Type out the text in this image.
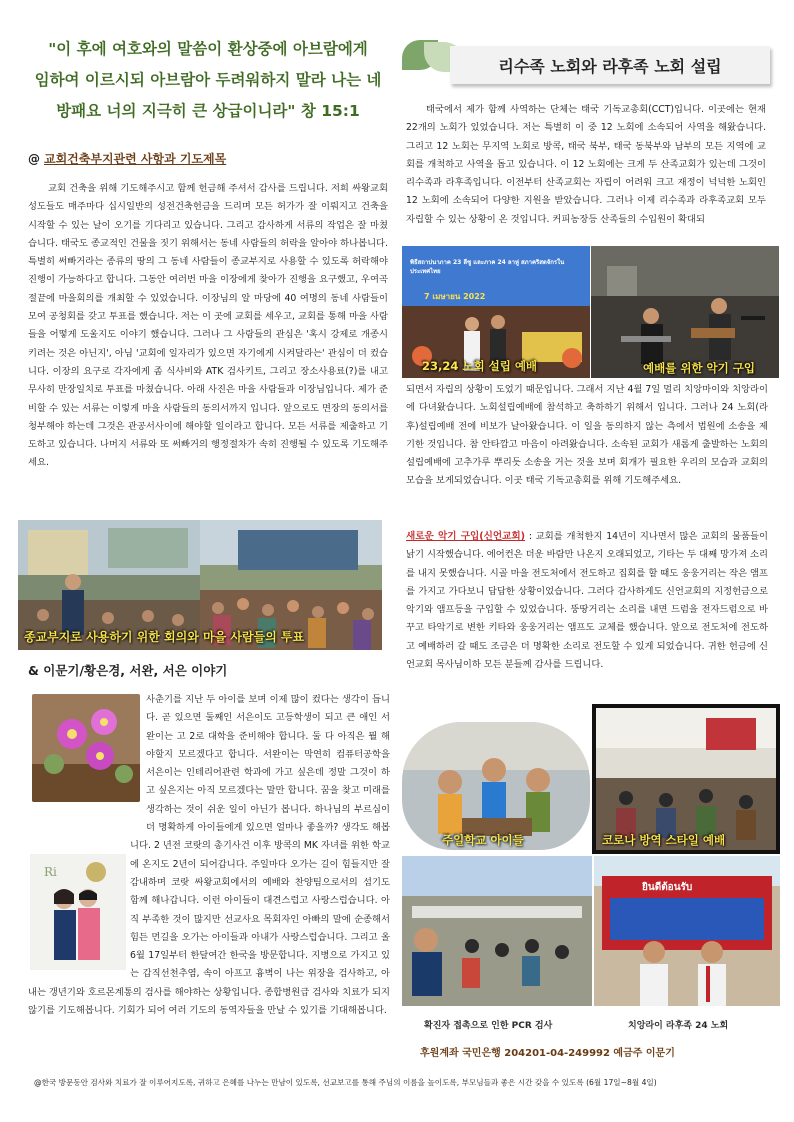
"이 후에 여호와의 말씀이 환상중에 아브람에게
임하여 이르시되 아브람아 두려워하지 말라 나는 네
방패요 너의 지극히 큰 상급이니라" 창 15:1
@ 교회건축부지관련 사항과 기도제목

교회 건축을 위해 기도해주시고 함께 헌금해 주셔서 감사를 드립니다. 저희 싸왕교회 성도들도 매주마다 십시일반의 성전건축헌금을 드리며 모든 허가가 잘 이뤄지고 건축을 시작할 수 있는 날이 오기를 기다리고 있습니다. 그리고 감사하게 서류의 작업은 잘 마쳤습니다. 태국도 종교적인 건물을 짓기 위해서는 동네 사람들의 허락을 알아야 하나봅니다. 특별히 써빠거라는 종류의 땅의 그 동네 사람들이 종교부지로 사용할 수 있도록 허락해야 진행이 가능하다고 합니다. 그동안 여러번 마을 이장에게 찾아가 진행을 요구했고, 우여곡절끝에 마을회의를 개최할 수 있었습니다. 이장님의 알 마당에 40 여명의 동네 사람들이 모여 공청회를 갖고 투표를 했습니다. 저는 이 곳에 교회를 세우고, 교회를 통해 마을 사람들을 어떻게 도울지도 이야기 했습니다. 그러나 그 사람들의 관심은 '혹시 강제로 개종시키려는 것은 아닌지', 아님 '교회에 일자리가 있으면 자기에게 시켜달라는' 관심이 더 컸습니다. 이장의 요구로 각자에게 좀 식사비와 ATK 검사키트, 그리고 장소사용료(?)를 내고 무사히 만장일치로 투표를 마쳤습니다. 아래 사진은 마을 사람들과 이장님입니다. 제가 준비할 수 있는 서류는 이렇게 마을 사람들의 동의서까지 입니다. 앞으로도 면장의 동의서를 청부해야 하는데 그것은 관공서사이에 해야할 일이라고 합니다. 모든 서류를 제출하고 기도하고 있습니다. 나머지 서류와 또 써빠거의 행정절차가 속히 진행될 수 있도록 기도해주세요.

종교부지로 사용하기 위한 회의와 마을 사람들의 투표
& 이문기/황은경, 서완, 서은 이야기
Ri

사춘기를 지난 두 아이를 보며 이제 많이 컸다는 생각이 듭니다. 곧 있으면 둘째인 서은이도 고등학생이 되고 큰 애인 서완이는 고 2로 대학을 준비해야 합니다. 둘 다 아직은 뭘 해야할지 모르겠다고 합니다. 서완이는 막연히 컴퓨터공학을 서은이는 인테리어관련 학과에 가고 싶은데 정말 그것이 하고 싶은지는 아직 모르겠다는 말만 합니다. 꿈을 찾고 미래를 생각하는 것이 쉬운 일이 아닌가 봅니다. 하나님의 부르심이 더 명확하게 아이들에게 있으면 얼마나 좋을까? 생각도 해봅니다. 2 년전 코랏의 총기사건 이후 방콕의 MK 자녀를 위한 학교에 온지도 2년이 되어갑니다. 주일마다 오가는 길이 힘들지만 잘 감내하며 코랏 싸왕교회에서의 예배와 찬양팀으로서의 섬기도 함께 해나갑니다. 이런 아이들이 대견스럽고 사랑스럽습니다. 아직 부족한 것이 많지만 선교사요 목회자인 아빠의 말에 순종해서 힘든 먼길을 오가는 아이들과 아내가 사랑스럽습니다. 그리고 올 6월 17일부터 한달여간 한국을 방문합니다. 지병으로 가지고 있는 갑직선천추염, 속이 아프고 흉벽이 나는 위장을 검사하고, 아내는 갱년기와 호르몬계통의 검사를 해야하는 상황입니다. 종합병원급 검사와 치료가 되지 않기를 기도해봅니다. 기회가 되어 여러 기도의 동역자들을 만날 수 있기를 기대해봅니다.

리수족 노회와 라후족 노회 설립

태국에서 제가 함께 사역하는 단체는 태국 기독교총회(CCT)입니다. 이곳에는 현재 22개의 노회가 있었습니다. 저는 특별히 이 중 12 노회에 소속되어 사역을 해왔습니다. 그리고 12 노회는 무지역 노회로 방콕, 태국 북부, 태국 동북부와 남부의 모든 지역에 교회를 개척하고 사역을 돕고 있습니다. 이 12 노회에는 크게 두 산족교회가 있는데 그것이 리수족과 라후족입니다. 이전부터 산족교회는 자립이 어려워 크고 재정이 넉넉한 노회인 12 노회에 소속되어 다양한 지원을 받았습니다. 그러나 이제 리수족과 라후족교회 모두 자립할 수 있는 상황이 온 것입니다. 커피농장등 산족들의 수입원이 확대되

พิธีสถาปนาภาค 23 ลีซู และภาค 24 ลาหู่ สภาคริสตจักรในประเทศไทย
7 เมษายน 2022
23,24 노회 설립 예배	예배를 위한 악기 구입

되면서 자립의 상황이 도었기 때문입니다. 그래서 지난 4월 7일 멀리 치앙마이와 치앙라이에 다녀왔습니다. 노회설립예배에 참석하고 축하하기 위해서 입니다. 그러나 24 노회(라후)설립예배 전에 비보가 날아왔습니다. 이 일을 동의하지 않는 측에서 법원에 소송을 제기한 것입니다. 참 안타깝고 마음이 아려왔습니다. 소속된 교회가 새롭게 출발하는 노회의 설립예배에 고추가루 뿌리듯 소송을 거는 것을 보며 회개가 필요한 우리의 모습과 교회의 모습을 보게되었습니다. 이곳 태국 기독교총회를 위해 기도해주세요.

새로운 악기 구입(신언교회) : 교회를 개척한지 14년이 지나면서 많은 교회의 물품들이 낡기 시작했습니다. 에어컨은 더운 바람만 나온지 오래되었고, 기타는 두 대째 망가져 소리를 내지 못했습니다. 시골 마을 전도처에서 전도하고 집회를 할 때도 웅웅거리는 작은 앰프를 가지고 가다보니 답답한 상황이었습니다. 그러다 감사하게도 신언교회의 지정헌금으로 악기와 앰프등을 구입할 수 있었습니다. 뚱땅거리는 소리를 내면 드럼을 전자드럼으로 바꾸고 타악기로 변한 키타와 웅웅거리는 앰프도 교체를 했습니다. 앞으로 전도처에 전도하고 예배하러 갈 때도 조금은 더 명확한 소리로 전도할 수 있게 되었습니다. 귀한 헌금에 신언교회 목사님이하 모든 분들께 감사를 드립니다.

주일학교 아이들	코로나 방역 스타일 예배
확진자 접촉으로 인한 PCR 검사
ยินดีต้อนรับ
치앙라이 라후족 24 노회
후원계좌 국민은행 204201-04-249992 예금주 이문기
@한국 방문동안 검사와 치료가 잘 이루어지도록, 귀하고 은혜를 나누는 만남이 있도록, 선교보고를 통해 주님의 이름을 높이도록, 부모님들과 좋은 시간 갖을 수 있도록 (6월 17일~8월 4일)
